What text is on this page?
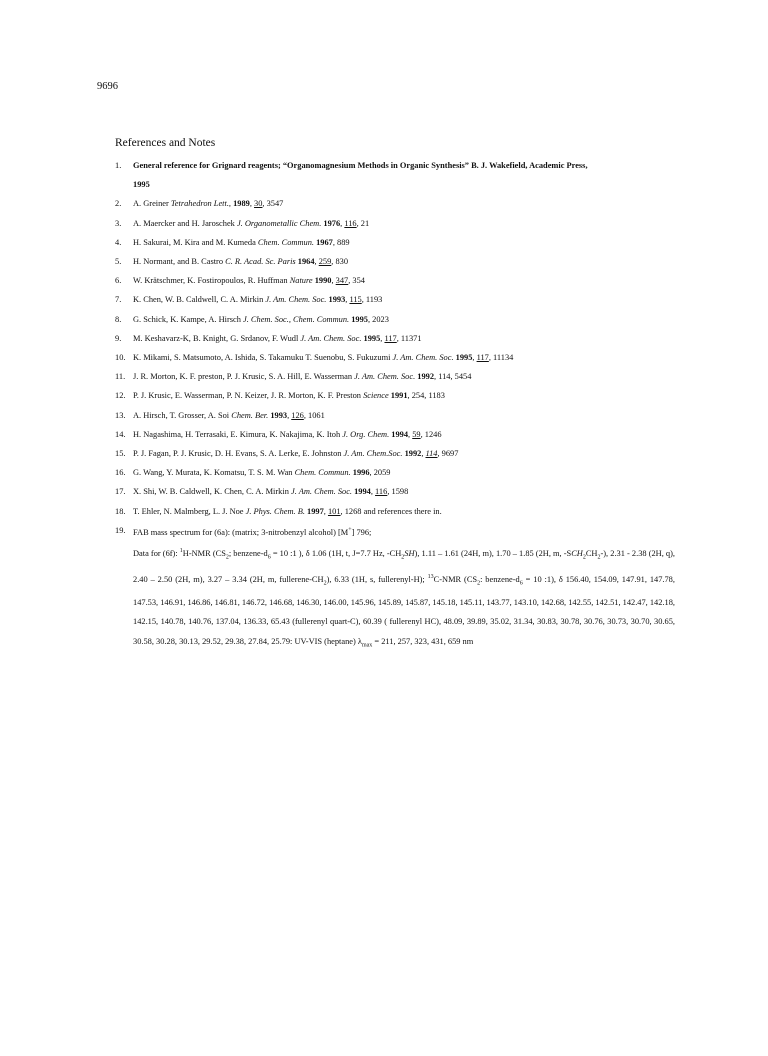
9696
References and Notes
1.	General reference for Grignard reagents; “Organomagnesium Methods in Organic Synthesis” B. J. Wakefield, Academic Press,
1995
2.	A. Greiner Tetrahedron Lett., 1989, 30, 3547
3.	A. Maercker and H. Jaroschek J. Organometallic Chem. 1976, 116, 21
4.	H. Sakurai, M. Kira and M. Kumeda Chem. Commun. 1967, 889
5.	H. Normant, and B. Castro C. R. Acad. Sc. Paris 1964, 259, 830
6.	W. Krätschmer, K. Fostiropoulos, R. Huffman Nature 1990, 347, 354
7.	K. Chen, W. B. Caldwell, C. A. Mirkin J. Am. Chem. Soc. 1993, 115, 1193
8.	G. Schick, K. Kampe, A. Hirsch J. Chem. Soc., Chem. Commun. 1995, 2023
9.	M. Keshavarz-K, B. Knight, G. Srdanov, F. Wudl J. Am. Chem. Soc. 1995, 117, 11371
10. K. Mikami, S. Matsumoto, A. Ishida, S. Takamuku T. Suenobu, S. Fukuzumi J. Am. Chem. Soc. 1995, 117, 11134
11. J. R. Morton, K. F. preston, P. J. Krusic, S. A. Hill, E. Wasserman J. Am. Chem. Soc. 1992, 114, 5454
12. P. J. Krusic, E. Wasserman, P. N. Keizer, J. R. Morton, K. F. Preston Science 1991, 254, 1183
13. A. Hirsch, T. Grosser, A. Soi Chem. Ber. 1993, 126, 1061
14. H. Nagashima, H. Terrasaki, E. Kimura, K. Nakajima, K. Itoh J. Org. Chem. 1994, 59, 1246
15. P. J. Fagan, P. J. Krusic, D. H. Evans, S. A. Lerke, E. Johnston J. Am. Chem.Soc. 1992, 114, 9697
16. G. Wang, Y. Murata, K. Komatsu, T. S. M. Wan Chem. Commun. 1996, 2059
17. X. Shi, W. B. Caldwell, K. Chen, C. A. Mirkin J. Am. Chem. Soc. 1994, 116, 1598
18. T. Ehler, N. Malmberg, L. J. Noe J. Phys. Chem. B. 1997, 101, 1268 and references there in.
19. FAB mass spectrum for (6a): (matrix; 3-nitrobenzyl alcohol) [M+] 796;
Data for (6f): $^1$H-NMR ($CS_2$; benzene-$d_6 = 10$ :1 ), δ 1.06 (1H, t, J=7.7 Hz, $-CH_2SH$), 1.11 – 1.61 (24H, m), 1.70 – 1.85 (2H, m, $-SCH_2CH_2-$), 2.31 - 2.38 (2H, q), 2.40 – 2.50 (2H, m), 3.27 – 3.34 (2H, m, fullerene-$CH_2$), 6.33 (1H, s, fullerenyl-H); $^{13}$C-NMR ($CS_2$: benzene-$d_6 = 10$ :1), δ 156.40, 154.09, 147.91, 147.78, 147.53, 146.91, 146.86, 146.81, 146.72, 146.68, 146.30, 146.00, 145.96, 145.89, 145.87, 145.18, 145.11, 143.77, 143.10, 142.68, 142.55, 142.51, 142.47, 142.18, 142.15, 140.78, 140.76, 137.04, 136.33, 65.43 (fullerenyl quart-C), 60.39 ( fullerenyl HC), 48.09, 39.89, 35.02, 31.34, 30.83, 30.78, 30.76, 30.73, 30.70, 30.65, 30.58, 30.28, 30.13, 29.52, 29.38, 27.84, 25.79: UV-VIS (heptane) $\lambda_{max} = 211$, 257, 323, 431, 659 nm
